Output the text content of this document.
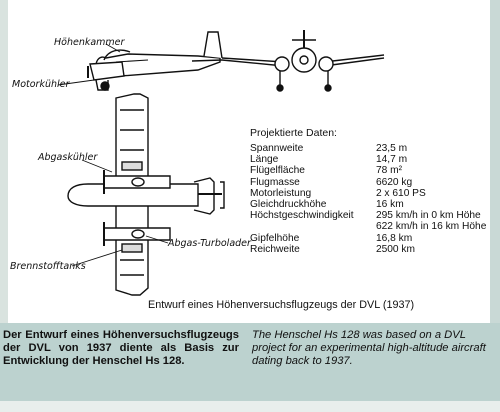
Höhenkammer
Motorkühler
Abgaskühler
Abgas-Turbolader
Brennstofftanks
Projektierte Daten:
Spannweite	23,5 m
Länge	14,7 m
Flügelfläche	78 m²
Flugmasse	6620 kg
Motorleistung	2 x 610 PS
Gleichdruckhöhe	16 km
Höchstgeschwindigkeit	295 km/h in 0 km Höhe
	622 km/h in 16 km Höhe
Gipfelhöhe	16,8 km
Reichweite	2500 km
Entwurf eines Höhenversuchsflugzeugs der DVL (1937)
Der Entwurf eines Höhenversuchsflugzeugs der DVL von 1937 diente als Basis zur Entwicklung der Henschel Hs 128.
The Henschel Hs 128 was based on a DVL project for an experimental high-altitude aircraft dating back to 1937.
